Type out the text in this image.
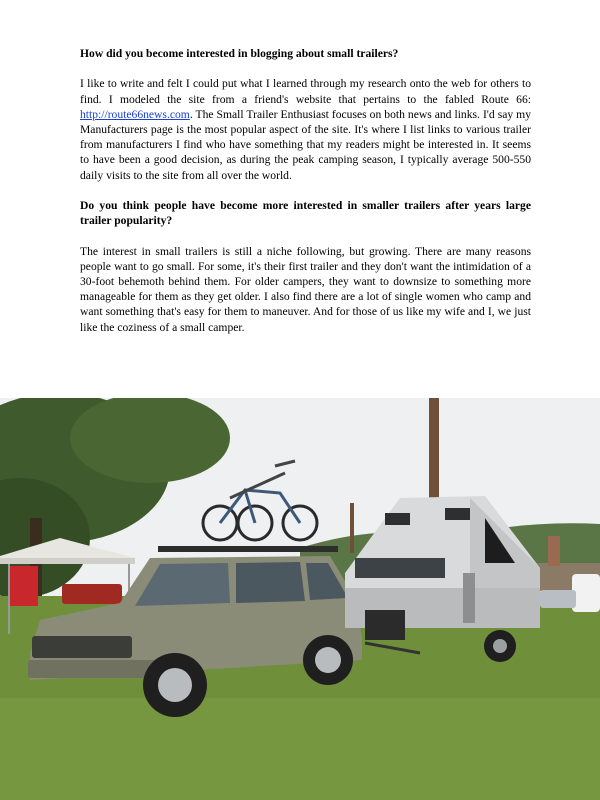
How did you become interested in blogging about small trailers?

I like to write and felt I could put what I learned through my research onto the web for others to find. I modeled the site from a friend's website that pertains to the fabled Route 66: http://route66news.com. The Small Trailer Enthusiast focuses on both news and links. I'd say my Manufacturers page is the most popular aspect of the site. It's where I list links to various trailer from manufacturers I find who have something that my readers might be interested in. It seems to have been a good decision, as during the peak camping season, I typically average 500-550 daily visits to the site from all over the world.

Do you think people have become more interested in smaller trailers after years large trailer popularity?

The interest in small trailers is still a niche following, but growing. There are many reasons people want to go small. For some, it's their first trailer and they don't want the intimidation of a 30-foot behemoth behind them. For older campers, they want to downsize to something more manageable for them as they get older. I also find there are a lot of single women who camp and want something that's easy for them to maneuver. And for those of us like my wife and I, we just like the coziness of a small camper.
